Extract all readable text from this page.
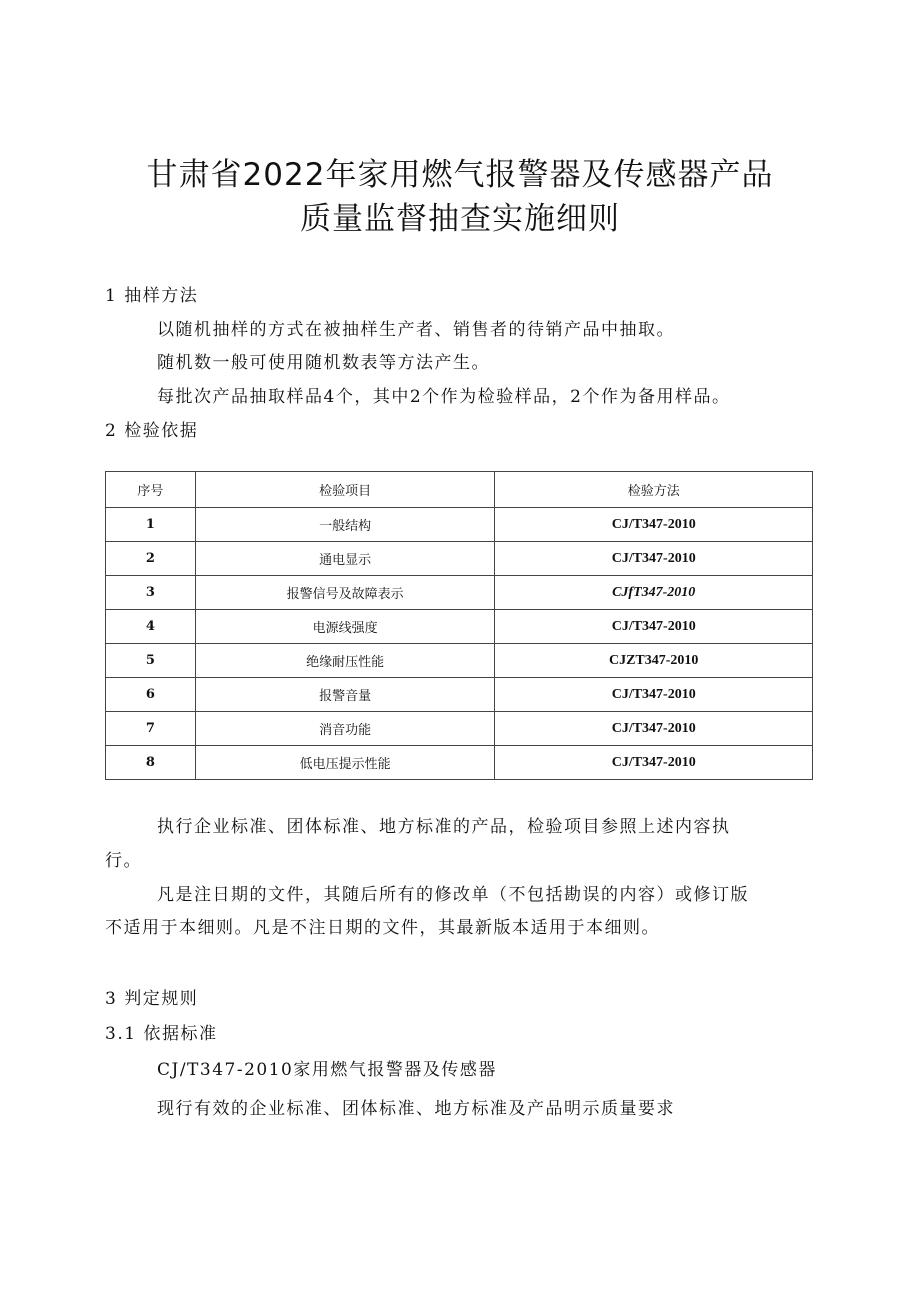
甘肃省2022年家用燃气报警器及传感器产品
质量监督抽查实施细则

1 抽样方法

以随机抽样的方式在被抽样生产者、销售者的待销产品中抽取。

随机数一般可使用随机数表等方法产生。

每批次产品抽取样品4个，其中2个作为检验样品，2个作为备用样品。

2 检验依据

序号	检验项目	检验方法
1	一般结构	CJ/T347-2010
2	通电显示	CJ/T347-2010
3	报警信号及故障表示	CJfT347-2010
4	电源线强度	CJ/T347-2010
5	绝缘耐压性能	CJZT347-2010
6	报警音量	CJ/T347-2010
7	消音功能	CJ/T347-2010
8	低电压提示性能	CJ/T347-2010

执行企业标准、团体标准、地方标准的产品，检验项目参照上述内容执

行。

凡是注日期的文件，其随后所有的修改单（不包括勘误的内容）或修订版

不适用于本细则。凡是不注日期的文件，其最新版本适用于本细则。

3 判定规则

3.1 依据标准

CJ/T347-2010家用燃气报警器及传感器

现行有效的企业标准、团体标准、地方标准及产品明示质量要求
